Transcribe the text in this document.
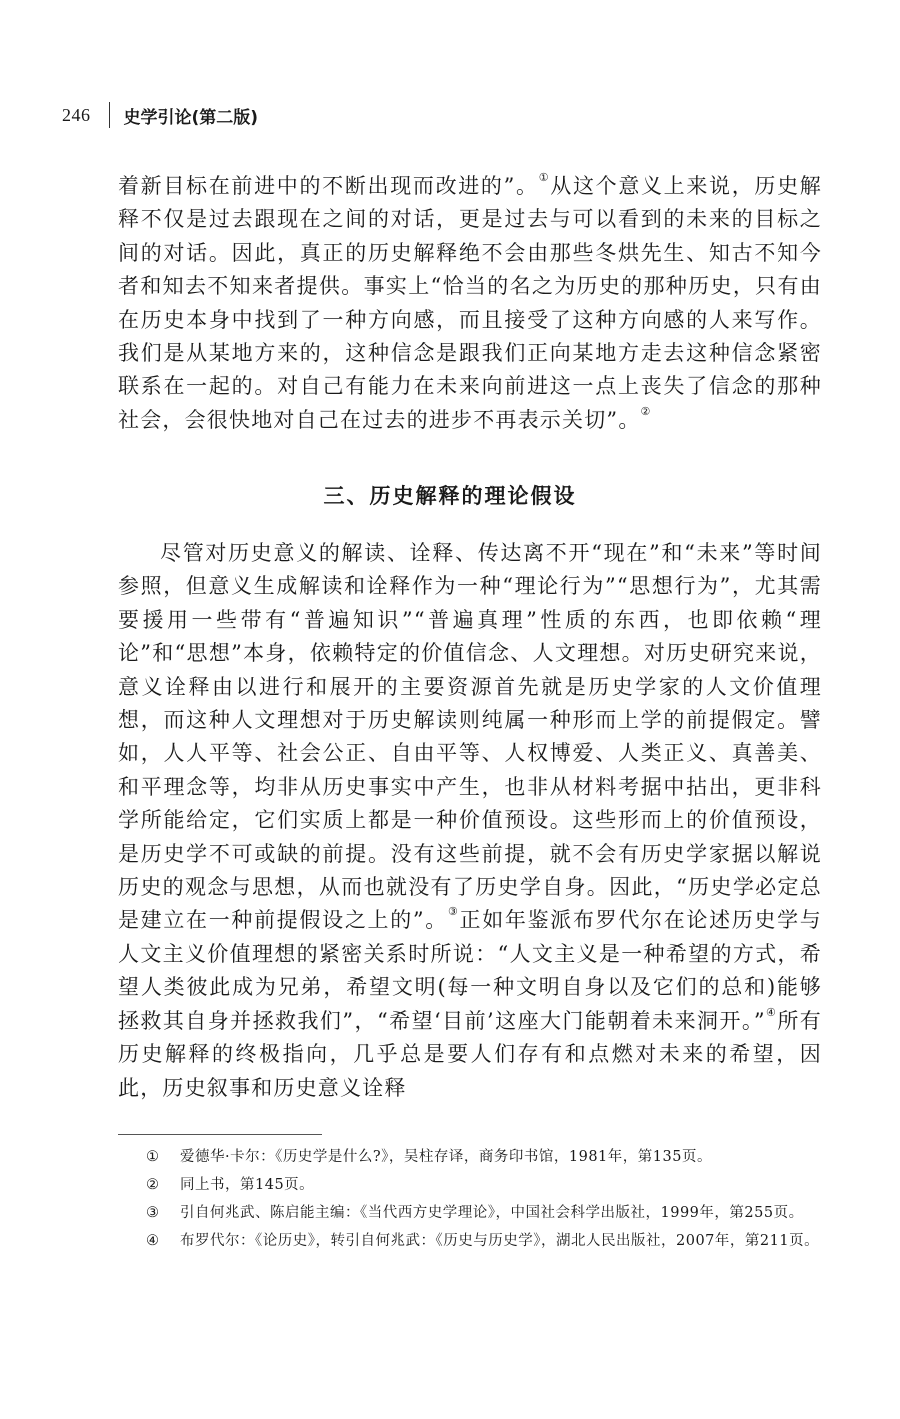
246 史学引论(第二版)

着新目标在前进中的不断出现而改进的”。①从这个意义上来说，历史解释不仅是过去跟现在之间的对话，更是过去与可以看到的未来的目标之间的对话。因此，真正的历史解释绝不会由那些冬烘先生、知古不知今者和知去不知来者提供。事实上“恰当的名之为历史的那种历史，只有由在历史本身中找到了一种方向感，而且接受了这种方向感的人来写作。我们是从某地方来的，这种信念是跟我们正向某地方走去这种信念紧密联系在一起的。对自己有能力在未来向前进这一点上丧失了信念的那种社会，会很快地对自己在过去的进步不再表示关切”。②

三、历史解释的理论假设

尽管对历史意义的解读、诠释、传达离不开“现在”和“未来”等时间参照，但意义生成解读和诠释作为一种“理论行为”“思想行为”，尤其需要援用一些带有“普遍知识”“普遍真理”性质的东西，也即依赖“理论”和“思想”本身，依赖特定的价值信念、人文理想。对历史研究来说，意义诠释由以进行和展开的主要资源首先就是历史学家的人文价值理想，而这种人文理想对于历史解读则纯属一种形而上学的前提假定。譬如，人人平等、社会公正、自由平等、人权博爱、人类正义、真善美、和平理念等，均非从历史事实中产生，也非从材料考据中拈出，更非科学所能给定，它们实质上都是一种价值预设。这些形而上的价值预设，是历史学不可或缺的前提。没有这些前提，就不会有历史学家据以解说历史的观念与思想，从而也就没有了历史学自身。因此，“历史学必定总是建立在一种前提假设之上的”。③正如年鉴派布罗代尔在论述历史学与人文主义价值理想的紧密关系时所说：“人文主义是一种希望的方式，希望人类彼此成为兄弟，希望文明(每一种文明自身以及它们的总和)能够拯救其自身并拯救我们”，“希望‘目前’这座大门能朝着未来洞开。”④所有历史解释的终极指向，几乎总是要人们存有和点燃对未来的希望，因此，历史叙事和历史意义诠释

① 爱德华·卡尔：《历史学是什么?》，吴柱存译，商务印书馆，1981年，第135页。

② 同上书，第145页。

③ 引自何兆武、陈启能主编：《当代西方史学理论》，中国社会科学出版社，1999年，第255页。

④ 布罗代尔：《论历史》，转引自何兆武：《历史与历史学》，湖北人民出版社，2007年，第211页。
